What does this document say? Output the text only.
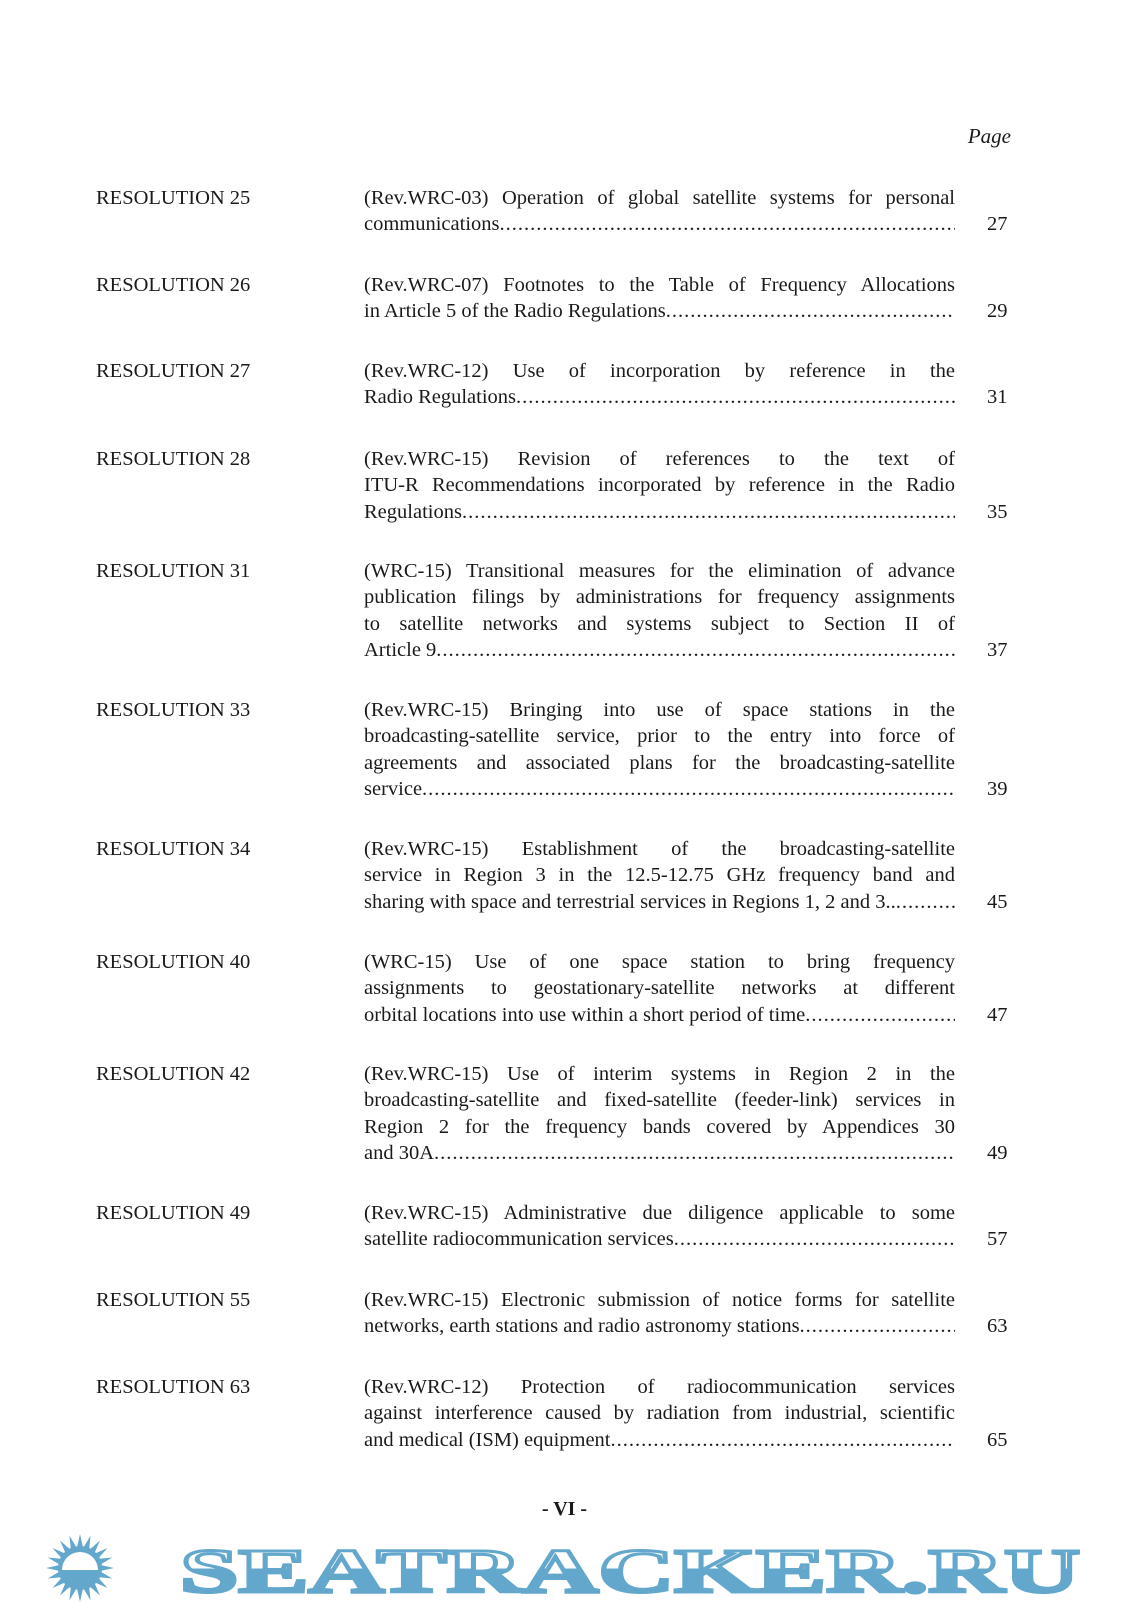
Page
RESOLUTION 25	(Rev.WRC-03) Operation of global satellite systems for personal
communications .....	27
RESOLUTION 26	(Rev.WRC-07) Footnotes to the Table of Frequency Allocations
in Article 5 of the Radio Regulations .....	29
RESOLUTION 27	(Rev.WRC-12) Use of incorporation by reference in the
Radio Regulations .....	31
RESOLUTION 28	(Rev.WRC-15) Revision of references to the text of
ITU-R Recommendations incorporated by reference in the Radio
Regulations .....	35
RESOLUTION 31	(WRC-15) Transitional measures for the elimination of advance
publication filings by administrations for frequency assignments
to satellite networks and systems subject to Section II of
Article 9 .....	37
RESOLUTION 33	(Rev.WRC-15) Bringing into use of space stations in the
broadcasting-satellite service, prior to the entry into force of
agreements and associated plans for the broadcasting-satellite
service .....	39
RESOLUTION 34	(Rev.WRC-15) Establishment of the broadcasting-satellite
service in Region 3 in the 12.5-12.75 GHz frequency band and
sharing with space and terrestrial services in Regions 1, 2 and 3.. .....	45
RESOLUTION 40	(WRC-15) Use of one space station to bring frequency
assignments to geostationary-satellite networks at different
orbital locations into use within a short period of time .....	47
RESOLUTION 42	(Rev.WRC-15) Use of interim systems in Region 2 in the
broadcasting-satellite and fixed-satellite (feeder-link) services in
Region 2 for the frequency bands covered by Appendices 30
and 30A .....	49
RESOLUTION 49	(Rev.WRC-15) Administrative due diligence applicable to some
satellite radiocommunication services .....	57
RESOLUTION 55	(Rev.WRC-15) Electronic submission of notice forms for satellite
networks, earth stations and radio astronomy stations .....	63
RESOLUTION 63	(Rev.WRC-12) Protection of radiocommunication services
against interference caused by radiation from industrial, scientific
and medical (ISM) equipment .....	65
- VI -
SEATRACKER.RU
